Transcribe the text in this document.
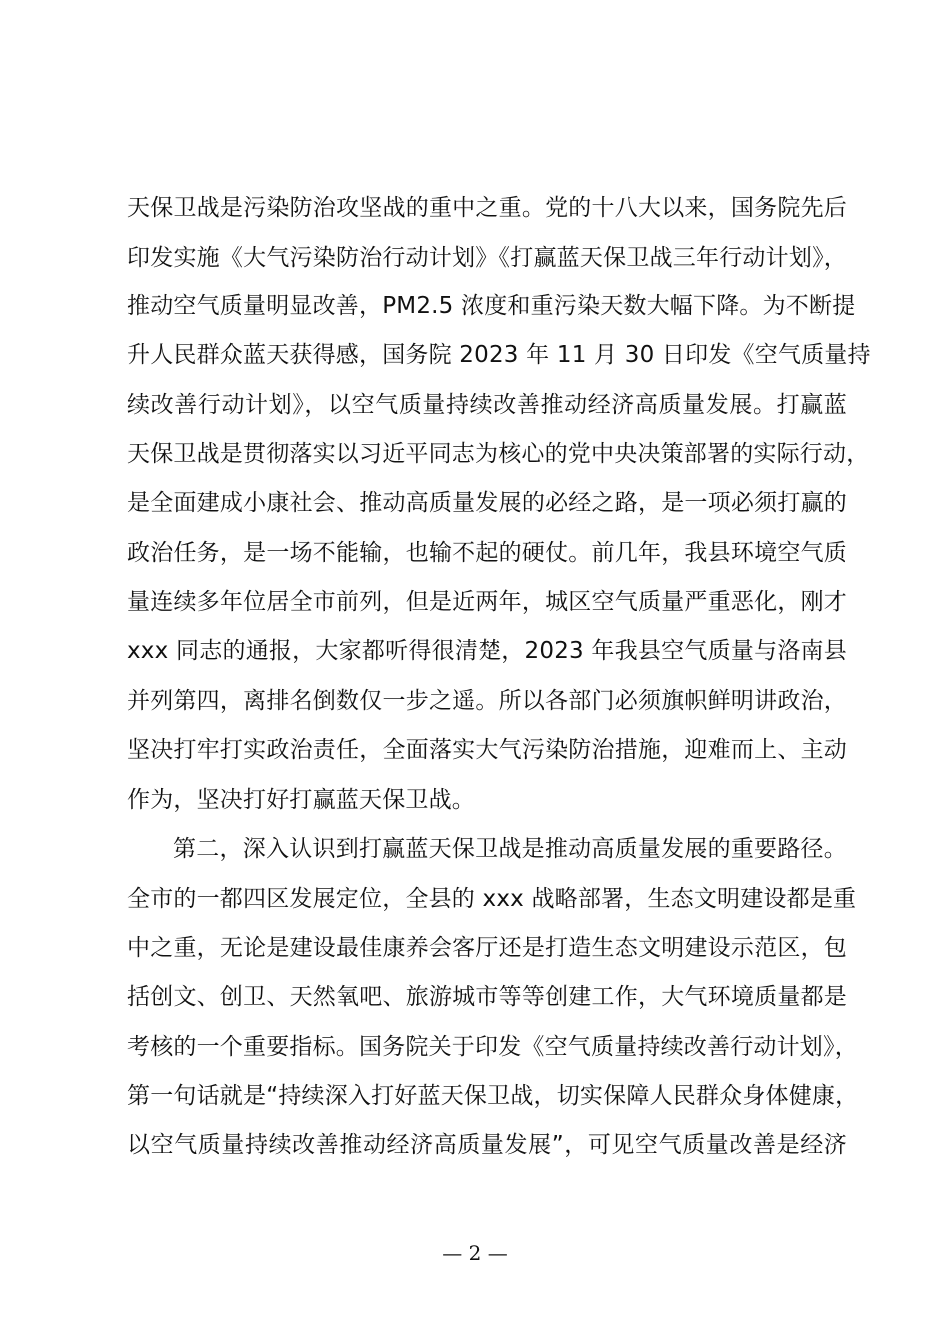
天保卫战是污染防治攻坚战的重中之重。党的十八大以来，国务院先后
印发实施《大气污染防治行动计划》《打赢蓝天保卫战三年行动计划》，
推动空气质量明显改善，PM2.5 浓度和重污染天数大幅下降。为不断提
升人民群众蓝天获得感，国务院 2023 年 11 月 30 日印发《空气质量持
续改善行动计划》，以空气质量持续改善推动经济高质量发展。打赢蓝
天保卫战是贯彻落实以习近平同志为核心的党中央决策部署的实际行动，
是全面建成小康社会、推动高质量发展的必经之路，是一项必须打赢的
政治任务，是一场不能输，也输不起的硬仗。前几年，我县环境空气质
量连续多年位居全市前列，但是近两年，城区空气质量严重恶化，刚才
xxx 同志的通报，大家都听得很清楚，2023 年我县空气质量与洛南县
并列第四，离排名倒数仅一步之遥。所以各部门必须旗帜鲜明讲政治，
坚决打牢打实政治责任，全面落实大气污染防治措施，迎难而上、主动
作为，坚决打好打赢蓝天保卫战。
第二，深入认识到打赢蓝天保卫战是推动高质量发展的重要路径。
全市的一都四区发展定位，全县的 xxx 战略部署，生态文明建设都是重
中之重，无论是建设最佳康养会客厅还是打造生态文明建设示范区，包
括创文、创卫、天然氧吧、旅游城市等等创建工作，大气环境质量都是
考核的一个重要指标。国务院关于印发《空气质量持续改善行动计划》，
第一句话就是“持续深入打好蓝天保卫战，切实保障人民群众身体健康，
以空气质量持续改善推动经济高质量发展”，可见空气质量改善是经济
— 2 —
